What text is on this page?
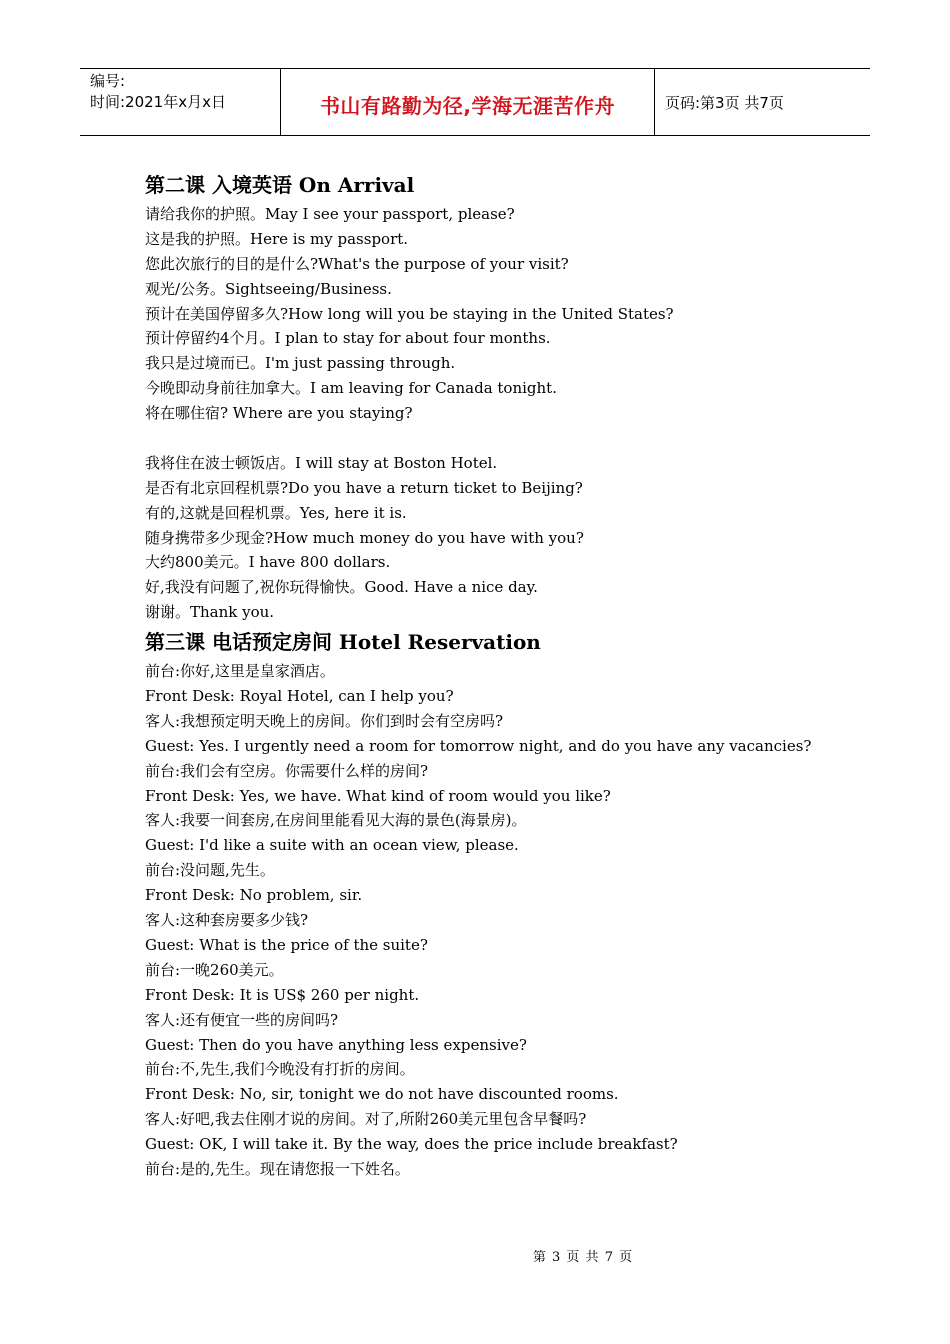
编号:
时间:2021年x月x日	书山有路勤为径,学海无涯苦作舟	页码:第3页 共7页
第二课 入境英语 On Arrival
请给我你的护照。May I see your passport, please?
这是我的护照。Here is my passport.
您此次旅行的目的是什么?What's the purpose of your visit?
观光/公务。Sightseeing/Business.
预计在美国停留多久?How long will you be staying in the United States?
预计停留约4个月。I plan to stay for about four months.
我只是过境而已。I'm just passing through.
今晚即动身前往加拿大。I am leaving for Canada tonight.
将在哪住宿? Where are you staying?
我将住在波士顿饭店。I will stay at Boston Hotel.
是否有北京回程机票?Do you have a return ticket to Beijing?
有的,这就是回程机票。Yes, here it is.
随身携带多少现金?How much money do you have with you?
大约800美元。I have 800 dollars.
好,我没有问题了,祝你玩得愉快。Good. Have a nice day.
谢谢。Thank you.
第三课 电话预定房间 Hotel Reservation
前台:你好,这里是皇家酒店。
Front Desk: Royal Hotel, can I help you?
客人:我想预定明天晚上的房间。你们到时会有空房吗?
Guest: Yes. I urgently need a room for tomorrow night, and do you have any vacancies?
前台:我们会有空房。你需要什么样的房间?
Front Desk: Yes, we have. What kind of room would you like?
客人:我要一间套房,在房间里能看见大海的景色(海景房)。
Guest: I'd like a suite with an ocean view, please.
前台:没问题,先生。
Front Desk: No problem, sir.
客人:这种套房要多少钱?
Guest: What is the price of the suite?
前台:一晚260美元。
Front Desk: It is US$ 260 per night.
客人:还有便宜一些的房间吗?
Guest: Then do you have anything less expensive?
前台:不,先生,我们今晚没有打折的房间。
Front Desk: No, sir, tonight we do not have discounted rooms.
客人:好吧,我去住刚才说的房间。对了,所附260美元里包含早餐吗?
Guest: OK, I will take it. By the way, does the price include breakfast?
前台:是的,先生。现在请您报一下姓名。
第 3 页 共 7 页
